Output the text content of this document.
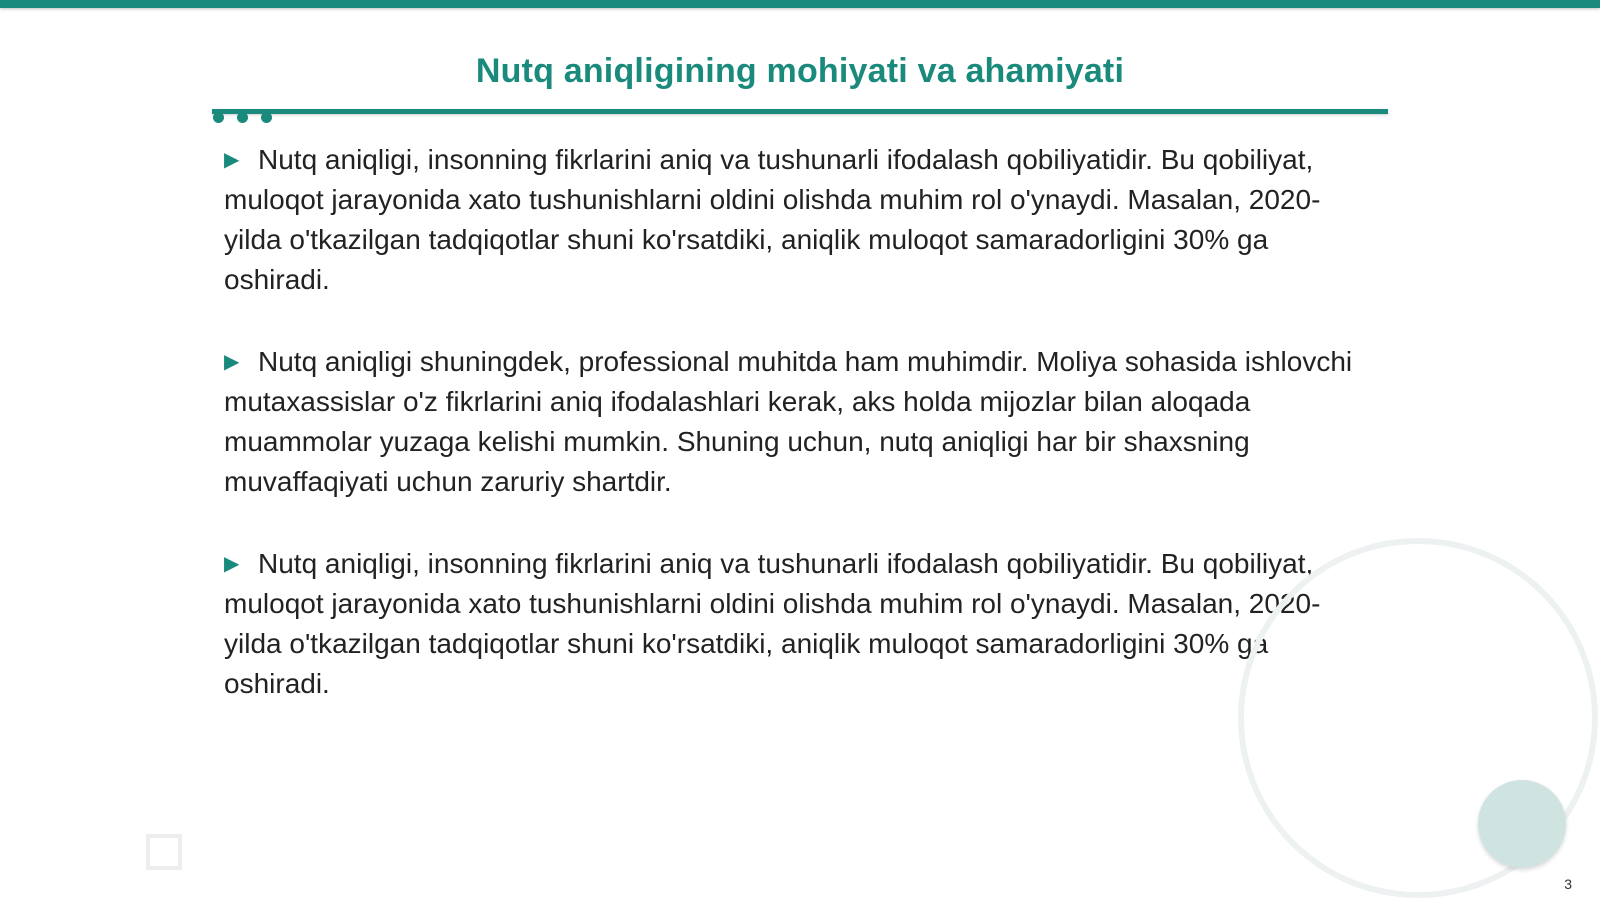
Nutq aniqligining mohiyati va ahamiyati

▶ Nutq aniqligi, insonning fikrlarini aniq va tushunarli ifodalash qobiliyatidir. Bu qobiliyat, muloqot jarayonida xato tushunishlarni oldini olishda muhim rol o'ynaydi. Masalan, 2020-yilda o'tkazilgan tadqiqotlar shuni ko'rsatdiki, aniqlik muloqot samaradorligini 30% ga oshiradi.

▶ Nutq aniqligi shuningdek, professional muhitda ham muhimdir. Moliya sohasida ishlovchi mutaxassislar o'z fikrlarini aniq ifodalashlari kerak, aks holda mijozlar bilan aloqada muammolar yuzaga kelishi mumkin. Shuning uchun, nutq aniqligi har bir shaxsning muvaffaqiyati uchun zaruriy shartdir.

▶ Nutq aniqligi, insonning fikrlarini aniq va tushunarli ifodalash qobiliyatidir. Bu qobiliyat, muloqot jarayonida xato tushunishlarni oldini olishda muhim rol o'ynaydi. Masalan, 2020-yilda o'tkazilgan tadqiqotlar shuni ko'rsatdiki, aniqlik muloqot samaradorligini 30% ga oshiradi.

3
